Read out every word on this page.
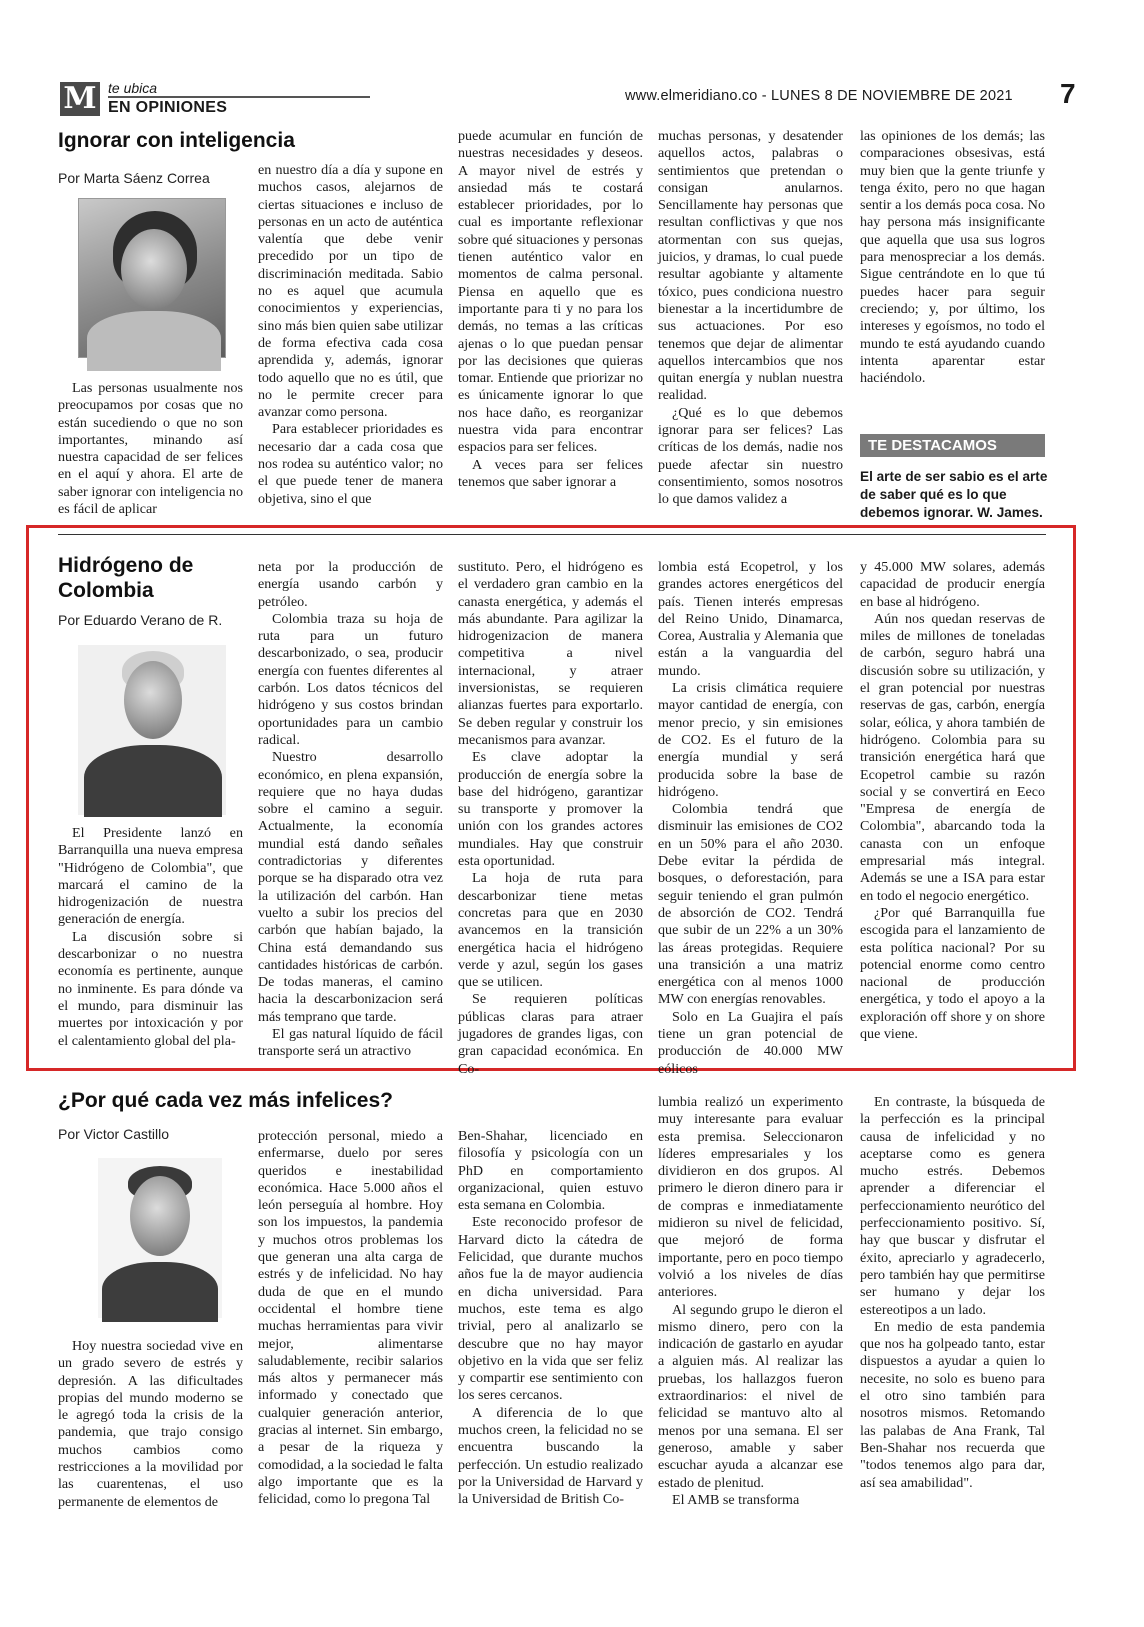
M te ubica
EN OPINIONES
www.elmeridiano.co - LUNES 8 DE NOVIEMBRE DE 2021 7
Ignorar con inteligencia
Por Marta Sáenz Correa

Las personas usualmente nos preocupamos por cosas que no están sucediendo o que no son importantes, minando así nuestra capacidad de ser felices en el aquí y ahora. El arte de saber ignorar con inteligencia no es fácil de aplicar

en nuestro día a día y supone en muchos casos, alejarnos de ciertas situaciones e incluso de personas en un acto de auténtica valentía que debe venir precedido por un tipo de discriminación meditada. Sabio no es aquel que acumula conocimientos y experiencias, sino más bien quien sabe utilizar de forma efectiva cada cosa aprendida y, además, ignorar todo aquello que no es útil, que no le permite crecer para avanzar como persona.

Para establecer prioridades es necesario dar a cada cosa que nos rodea su auténtico valor; no el que puede tener de manera objetiva, sino el que

puede acumular en función de nuestras necesidades y deseos. A mayor nivel de estrés y ansiedad más te costará establecer prioridades, por lo cual es importante reflexionar sobre qué situaciones y personas tienen auténtico valor en momentos de calma personal. Piensa en aquello que es importante para ti y no para los demás, no temas a las críticas ajenas o lo que puedan pensar por las decisiones que quieras tomar. Entiende que priorizar no es únicamente ignorar lo que nos hace daño, es reorganizar nuestra vida para encontrar espacios para ser felices.

A veces para ser felices tenemos que saber ignorar a

muchas personas, y desatender aquellos actos, palabras o sentimientos que pretendan o consigan anularnos. Sencillamente hay personas que resultan conflictivas y que nos atormentan con sus quejas, juicios, y dramas, lo cual puede resultar agobiante y altamente tóxico, pues condiciona nuestro bienestar a la incertidumbre de sus actuaciones. Por eso tenemos que dejar de alimentar aquellos intercambios que nos quitan energía y nublan nuestra realidad.

¿Qué es lo que debemos ignorar para ser felices? Las críticas de los demás, nadie nos puede afectar sin nuestro consentimiento, somos nosotros lo que damos validez a

las opiniones de los demás; las comparaciones obsesivas, está muy bien que la gente triunfe y tenga éxito, pero no que hagan sentir a los demás poca cosa. No hay persona más insignificante que aquella que usa sus logros para menospreciar a los demás. Sigue centrándote en lo que tú puedes hacer para seguir creciendo; y, por último, los intereses y egoísmos, no todo el mundo te está ayudando cuando intenta aparentar estar haciéndolo.

TE DESTACAMOS
El arte de ser sabio es el arte de saber qué es lo que debemos ignorar. W. James.
Hidrógeno de Colombia
Por Eduardo Verano de R.

El Presidente lanzó en Barranquilla una nueva empresa "Hidrógeno de Colombia", que marcará el camino de la hidrogenización de nuestra generación de energía.

La discusión sobre si descarbonizar o no nuestra economía es pertinente, aunque no inminente. Es para dónde va el mundo, para disminuir las muertes por intoxicación y por el calentamiento global del pla-

neta por la producción de energía usando carbón y petróleo.

Colombia traza su hoja de ruta para un futuro descarbonizado, o sea, producir energía con fuentes diferentes al carbón. Los datos técnicos del hidrógeno y sus costos brindan oportunidades para un cambio radical.

Nuestro desarrollo económico, en plena expansión, requiere que no haya dudas sobre el camino a seguir. Actualmente, la economía mundial está dando señales contradictorias y diferentes porque se ha disparado otra vez la utilización del carbón. Han vuelto a subir los precios del carbón que habían bajado, la China está demandando sus cantidades históricas de carbón. De todas maneras, el camino hacia la descarbonizacion será más temprano que tarde.

El gas natural líquido de fácil transporte será un atractivo

sustituto. Pero, el hidrógeno es el verdadero gran cambio en la canasta energética, y además el más abundante. Para agilizar la hidrogenizacion de manera competitiva a nivel internacional, y atraer inversionistas, se requieren alianzas fuertes para exportarlo. Se deben regular y construir los mecanismos para avanzar.

Es clave adoptar la producción de energía sobre la base del hidrógeno, garantizar su transporte y promover la unión con los grandes actores mundiales. Hay que construir esta oportunidad.

La hoja de ruta para descarbonizar tiene metas concretas para que en 2030 avancemos en la transición energética hacia el hidrógeno verde y azul, según los gases que se utilicen.

Se requieren políticas públicas claras para atraer jugadores de grandes ligas, con gran capacidad económica. En Co-

lombia está Ecopetrol, y los grandes actores energéticos del país. Tienen interés empresas del Reino Unido, Dinamarca, Corea, Australia y Alemania que están a la vanguardia del mundo.

La crisis climática requiere mayor cantidad de energía, con menor precio, y sin emisiones de CO2. Es el futuro de la energía mundial y será producida sobre la base de hidrógeno.

Colombia tendrá que disminuir las emisiones de CO2 en un 50% para el año 2030. Debe evitar la pérdida de bosques, o deforestación, para seguir teniendo el gran pulmón de absorción de CO2. Tendrá que subir de un 22% a un 30% las áreas protegidas. Requiere una transición a una matriz energética con al menos 1000 MW con energías renovables.

Solo en La Guajira el país tiene un gran potencial de producción de 40.000 MW eólicos

y 45.000 MW solares, además capacidad de producir energía en base al hidrógeno.

Aún nos quedan reservas de miles de millones de toneladas de carbón, seguro habrá una discusión sobre su utilización, y el gran potencial por nuestras reservas de gas, carbón, energía solar, eólica, y ahora también de hidrógeno. Colombia para su transición energética hará que Ecopetrol cambie su razón social y se convertirá en Eeco "Empresa de energía de Colombia", abarcando toda la canasta con un enfoque empresarial más integral. Además se une a ISA para estar en todo el negocio energético.

¿Por qué Barranquilla fue escogida para el lanzamiento de esta política nacional? Por su potencial enorme como centro nacional de producción energética, y todo el apoyo a la exploración off shore y on shore que viene.

¿Por qué cada vez más infelices?
Por Victor Castillo

Hoy nuestra sociedad vive en un grado severo de estrés y depresión. A las dificultades propias del mundo moderno se le agregó toda la crisis de la pandemia, que trajo consigo muchos cambios como restricciones a la movilidad por las cuarentenas, el uso permanente de elementos de

protección personal, miedo a enfermarse, duelo por seres queridos e inestabilidad económica. Hace 5.000 años el león perseguía al hombre. Hoy son los impuestos, la pandemia y muchos otros problemas los que generan una alta carga de estrés y de infelicidad. No hay duda de que en el mundo occidental el hombre tiene muchas herramientas para vivir mejor, alimentarse saludablemente, recibir salarios más altos y permanecer más informado y conectado que cualquier generación anterior, gracias al internet. Sin embargo, a pesar de la riqueza y comodidad, a la sociedad le falta algo importante que es la felicidad, como lo pregona Tal

Ben-Shahar, licenciado en filosofía y psicología con un PhD en comportamiento organizacional, quien estuvo esta semana en Colombia.

Este reconocido profesor de Harvard dicto la cátedra de Felicidad, que durante muchos años fue la de mayor audiencia en dicha universidad. Para muchos, este tema es algo trivial, pero al analizarlo se descubre que no hay mayor objetivo en la vida que ser feliz y compartir ese sentimiento con los seres cercanos.

A diferencia de lo que muchos creen, la felicidad no se encuentra buscando la perfección. Un estudio realizado por la Universidad de Harvard y la Universidad de British Co-

lumbia realizó un experimento muy interesante para evaluar esta premisa. Seleccionaron líderes empresariales y los dividieron en dos grupos. Al primero le dieron dinero para ir de compras e inmediatamente midieron su nivel de felicidad, que mejoró de forma importante, pero en poco tiempo volvió a los niveles de días anteriores.

Al segundo grupo le dieron el mismo dinero, pero con la indicación de gastarlo en ayudar a alguien más. Al realizar las pruebas, los hallazgos fueron extraordinarios: el nivel de felicidad se mantuvo alto al menos por una semana. El ser generoso, amable y saber escuchar ayuda a alcanzar ese estado de plenitud.

El AMB se transforma

En contraste, la búsqueda de la perfección es la principal causa de infelicidad y no aceptarse como es genera mucho estrés. Debemos aprender a diferenciar el perfeccionamiento neurótico del perfeccionamiento positivo. Sí, hay que buscar y disfrutar el éxito, apreciarlo y agradecerlo, pero también hay que permitirse ser humano y dejar los estereotipos a un lado.

En medio de esta pandemia que nos ha golpeado tanto, estar dispuestos a ayudar a quien lo necesite, no solo es bueno para el otro sino también para nosotros mismos. Retomando las palabas de Ana Frank, Tal Ben-Shahar nos recuerda que "todos tenemos algo para dar, así sea amabilidad".
